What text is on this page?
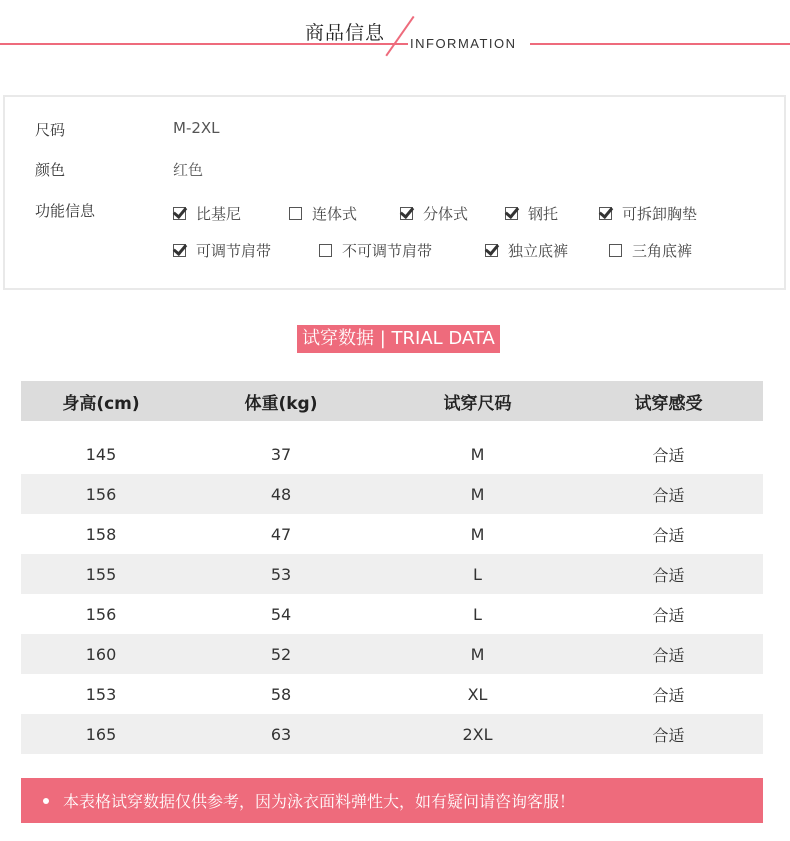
商品信息 INFORMATION
尺码	M-2XL
颜色	红色
功能信息	比基尼	连体式	分体式	钢托	可拆卸胸垫
可调节肩带	不可调节肩带	独立底裤	三角底裤
试穿数据 | TRIAL DATA
身高(cm)	体重(kg)	试穿尺码	试穿感受
145	37	M	合适
156	48	M	合适
158	47	M	合适
155	53	L	合适
156	54	L	合适
160	52	M	合适
153	58	XL	合适
165	63	2XL	合适
本表格试穿数据仅供参考，因为泳衣面料弹性大，如有疑问请咨询客服！
